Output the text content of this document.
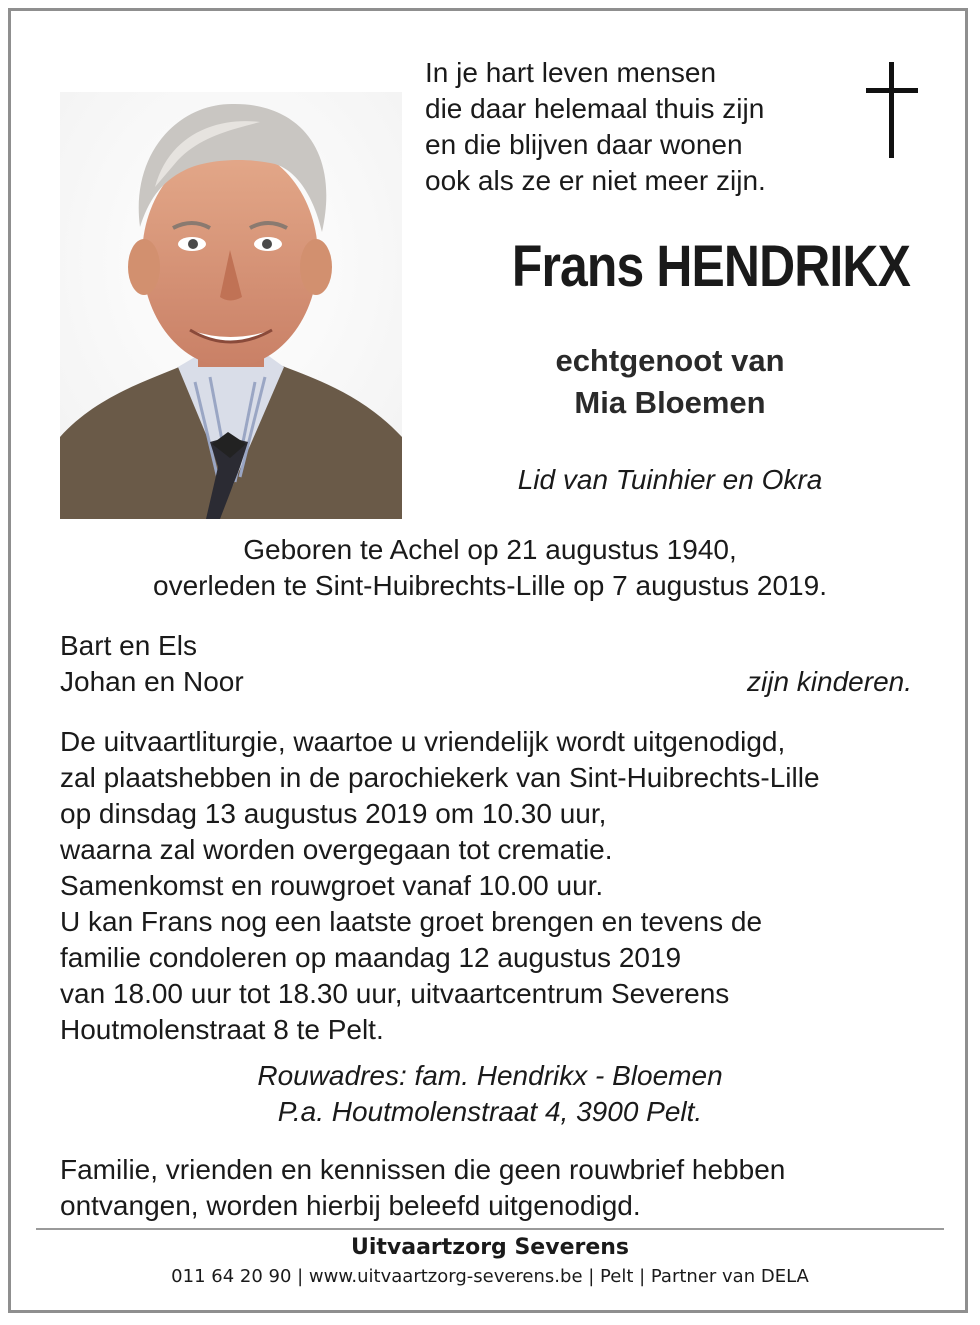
In je hart leven mensen
die daar helemaal thuis zijn
en die blijven daar wonen
ook als ze er niet meer zijn.
Frans HENDRIKX
echtgenoot van
Mia Bloemen
Lid van Tuinhier en Okra
Geboren te Achel op 21 augustus 1940,
overleden te Sint-Huibrechts-Lille op 7 augustus 2019.
Bart en Els
Johan en Noor	zijn kinderen.
De uitvaartliturgie, waartoe u vriendelijk wordt uitgenodigd,
zal plaatshebben in de parochiekerk van Sint-Huibrechts-Lille
op dinsdag 13 augustus 2019 om 10.30 uur,
waarna zal worden overgegaan tot crematie.
Samenkomst en rouwgroet vanaf 10.00 uur.
U kan Frans nog een laatste groet brengen en tevens de
familie condoleren op maandag 12 augustus 2019
van 18.00 uur tot 18.30 uur, uitvaartcentrum Severens
Houtmolenstraat 8 te Pelt.
Rouwadres: fam. Hendrikx - Bloemen
P.a. Houtmolenstraat 4, 3900 Pelt.
Familie, vrienden en kennissen die geen rouwbrief hebben
ontvangen, worden hierbij beleefd uitgenodigd.
Uitvaartzorg Severens
011 64 20 90 | www.uitvaartzorg-severens.be | Pelt | Partner van DELA
